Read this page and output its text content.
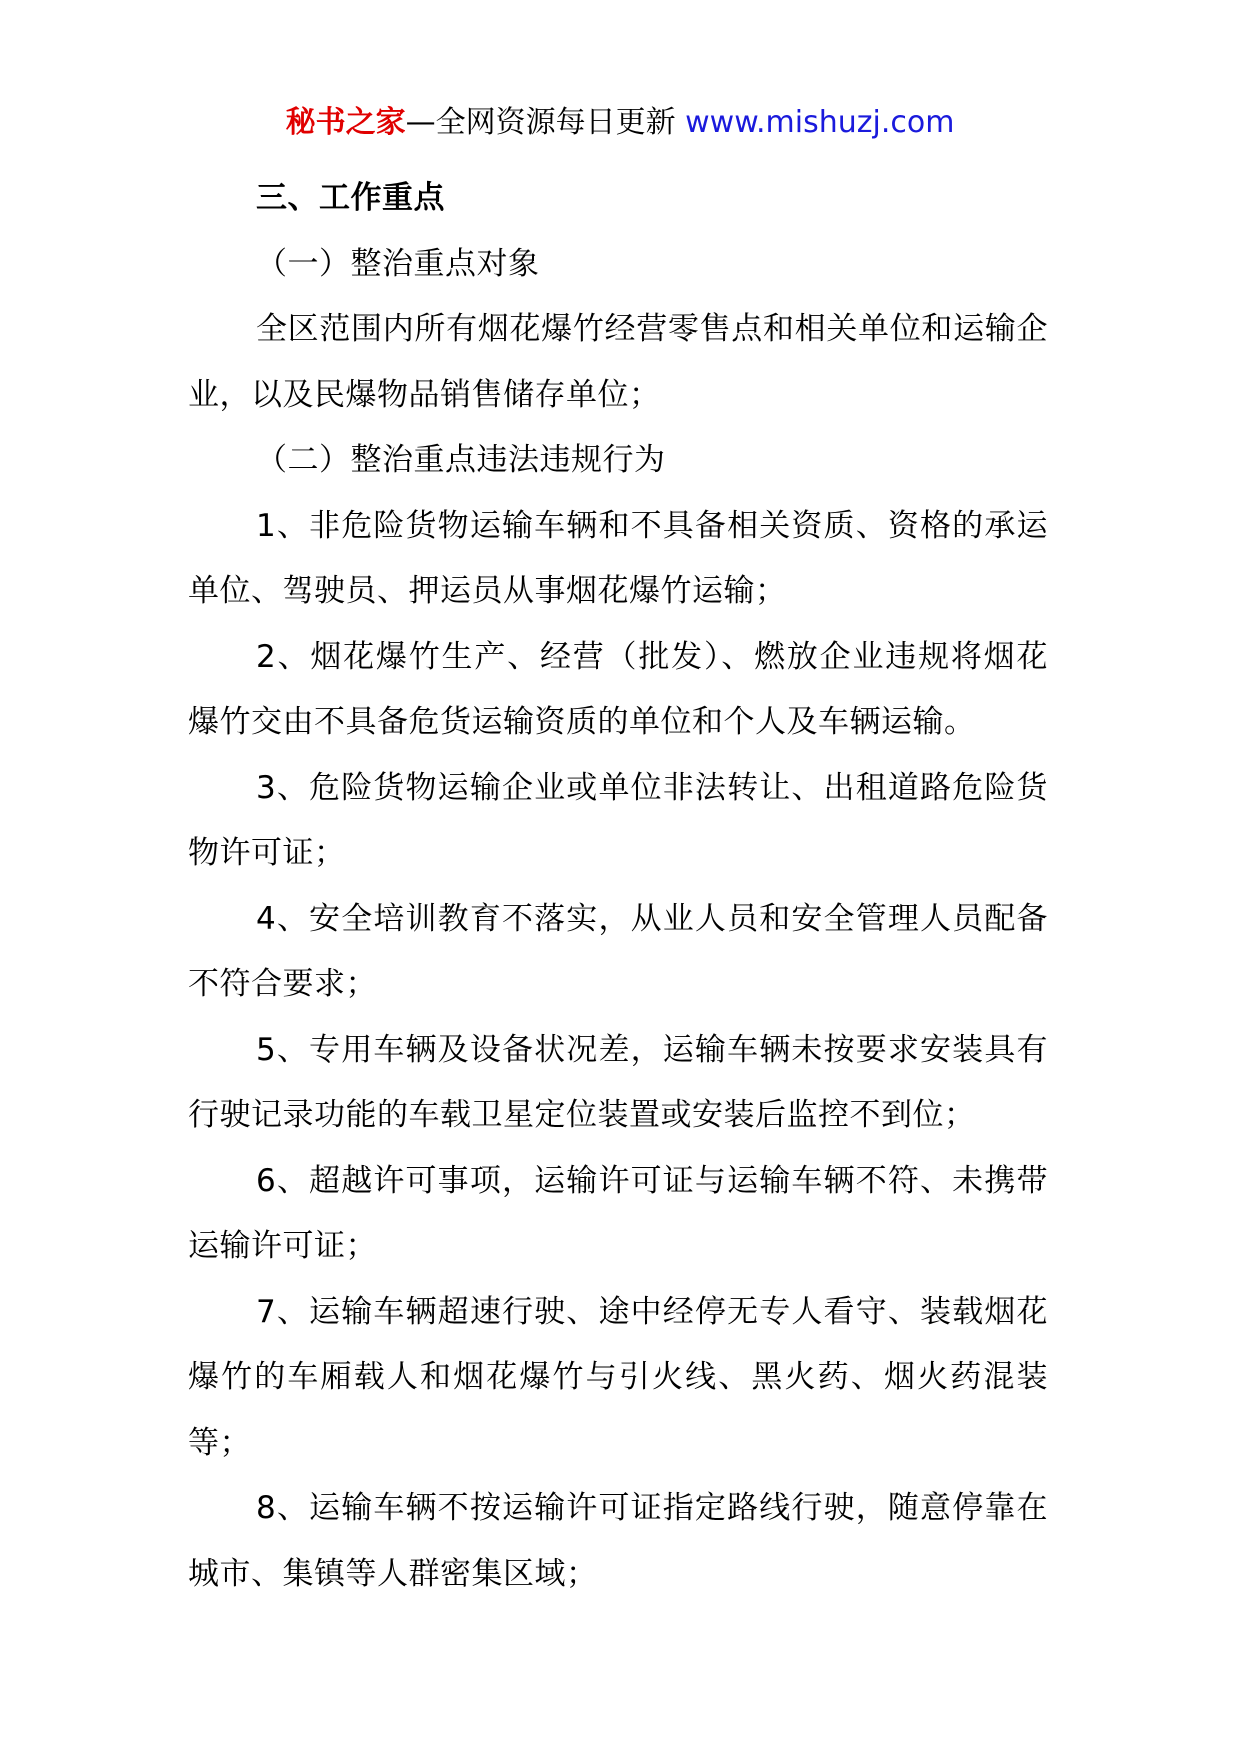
秘书之家—全网资源每日更新 www.mishuzj.com

三、工作重点

（一）整治重点对象

全区范围内所有烟花爆竹经营零售点和相关单位和运输企业，以及民爆物品销售储存单位；

（二）整治重点违法违规行为

1、非危险货物运输车辆和不具备相关资质、资格的承运单位、驾驶员、押运员从事烟花爆竹运输；

2、烟花爆竹生产、经营（批发）、燃放企业违规将烟花爆竹交由不具备危货运输资质的单位和个人及车辆运输。

3、危险货物运输企业或单位非法转让、出租道路危险货物许可证；

4、安全培训教育不落实，从业人员和安全管理人员配备不符合要求；

5、专用车辆及设备状况差，运输车辆未按要求安装具有行驶记录功能的车载卫星定位装置或安装后监控不到位；

6、超越许可事项，运输许可证与运输车辆不符、未携带运输许可证；

7、运输车辆超速行驶、途中经停无专人看守、装载烟花爆竹的车厢载人和烟花爆竹与引火线、黑火药、烟火药混装等；

8、运输车辆不按运输许可证指定路线行驶，随意停靠在城市、集镇等人群密集区域；
